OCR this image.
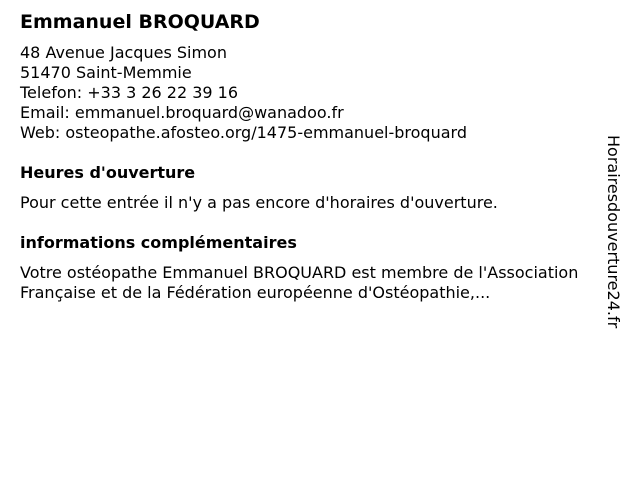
Emmanuel BROQUARD
48 Avenue Jacques Simon
51470 Saint-Memmie
Telefon: +33 3 26 22 39 16
Email: emmanuel.broquard@wanadoo.fr
Web: osteopathe.afosteo.org/1475-emmanuel-broquard
Heures d'ouverture
Pour cette entrée il n'y a pas encore d'horaires d'ouverture.
informations complémentaires
Votre ostéopathe Emmanuel BROQUARD est membre de l'Association Française et de la Fédération européenne d'Ostéopathie,...	Horairesdouverture24.fr
